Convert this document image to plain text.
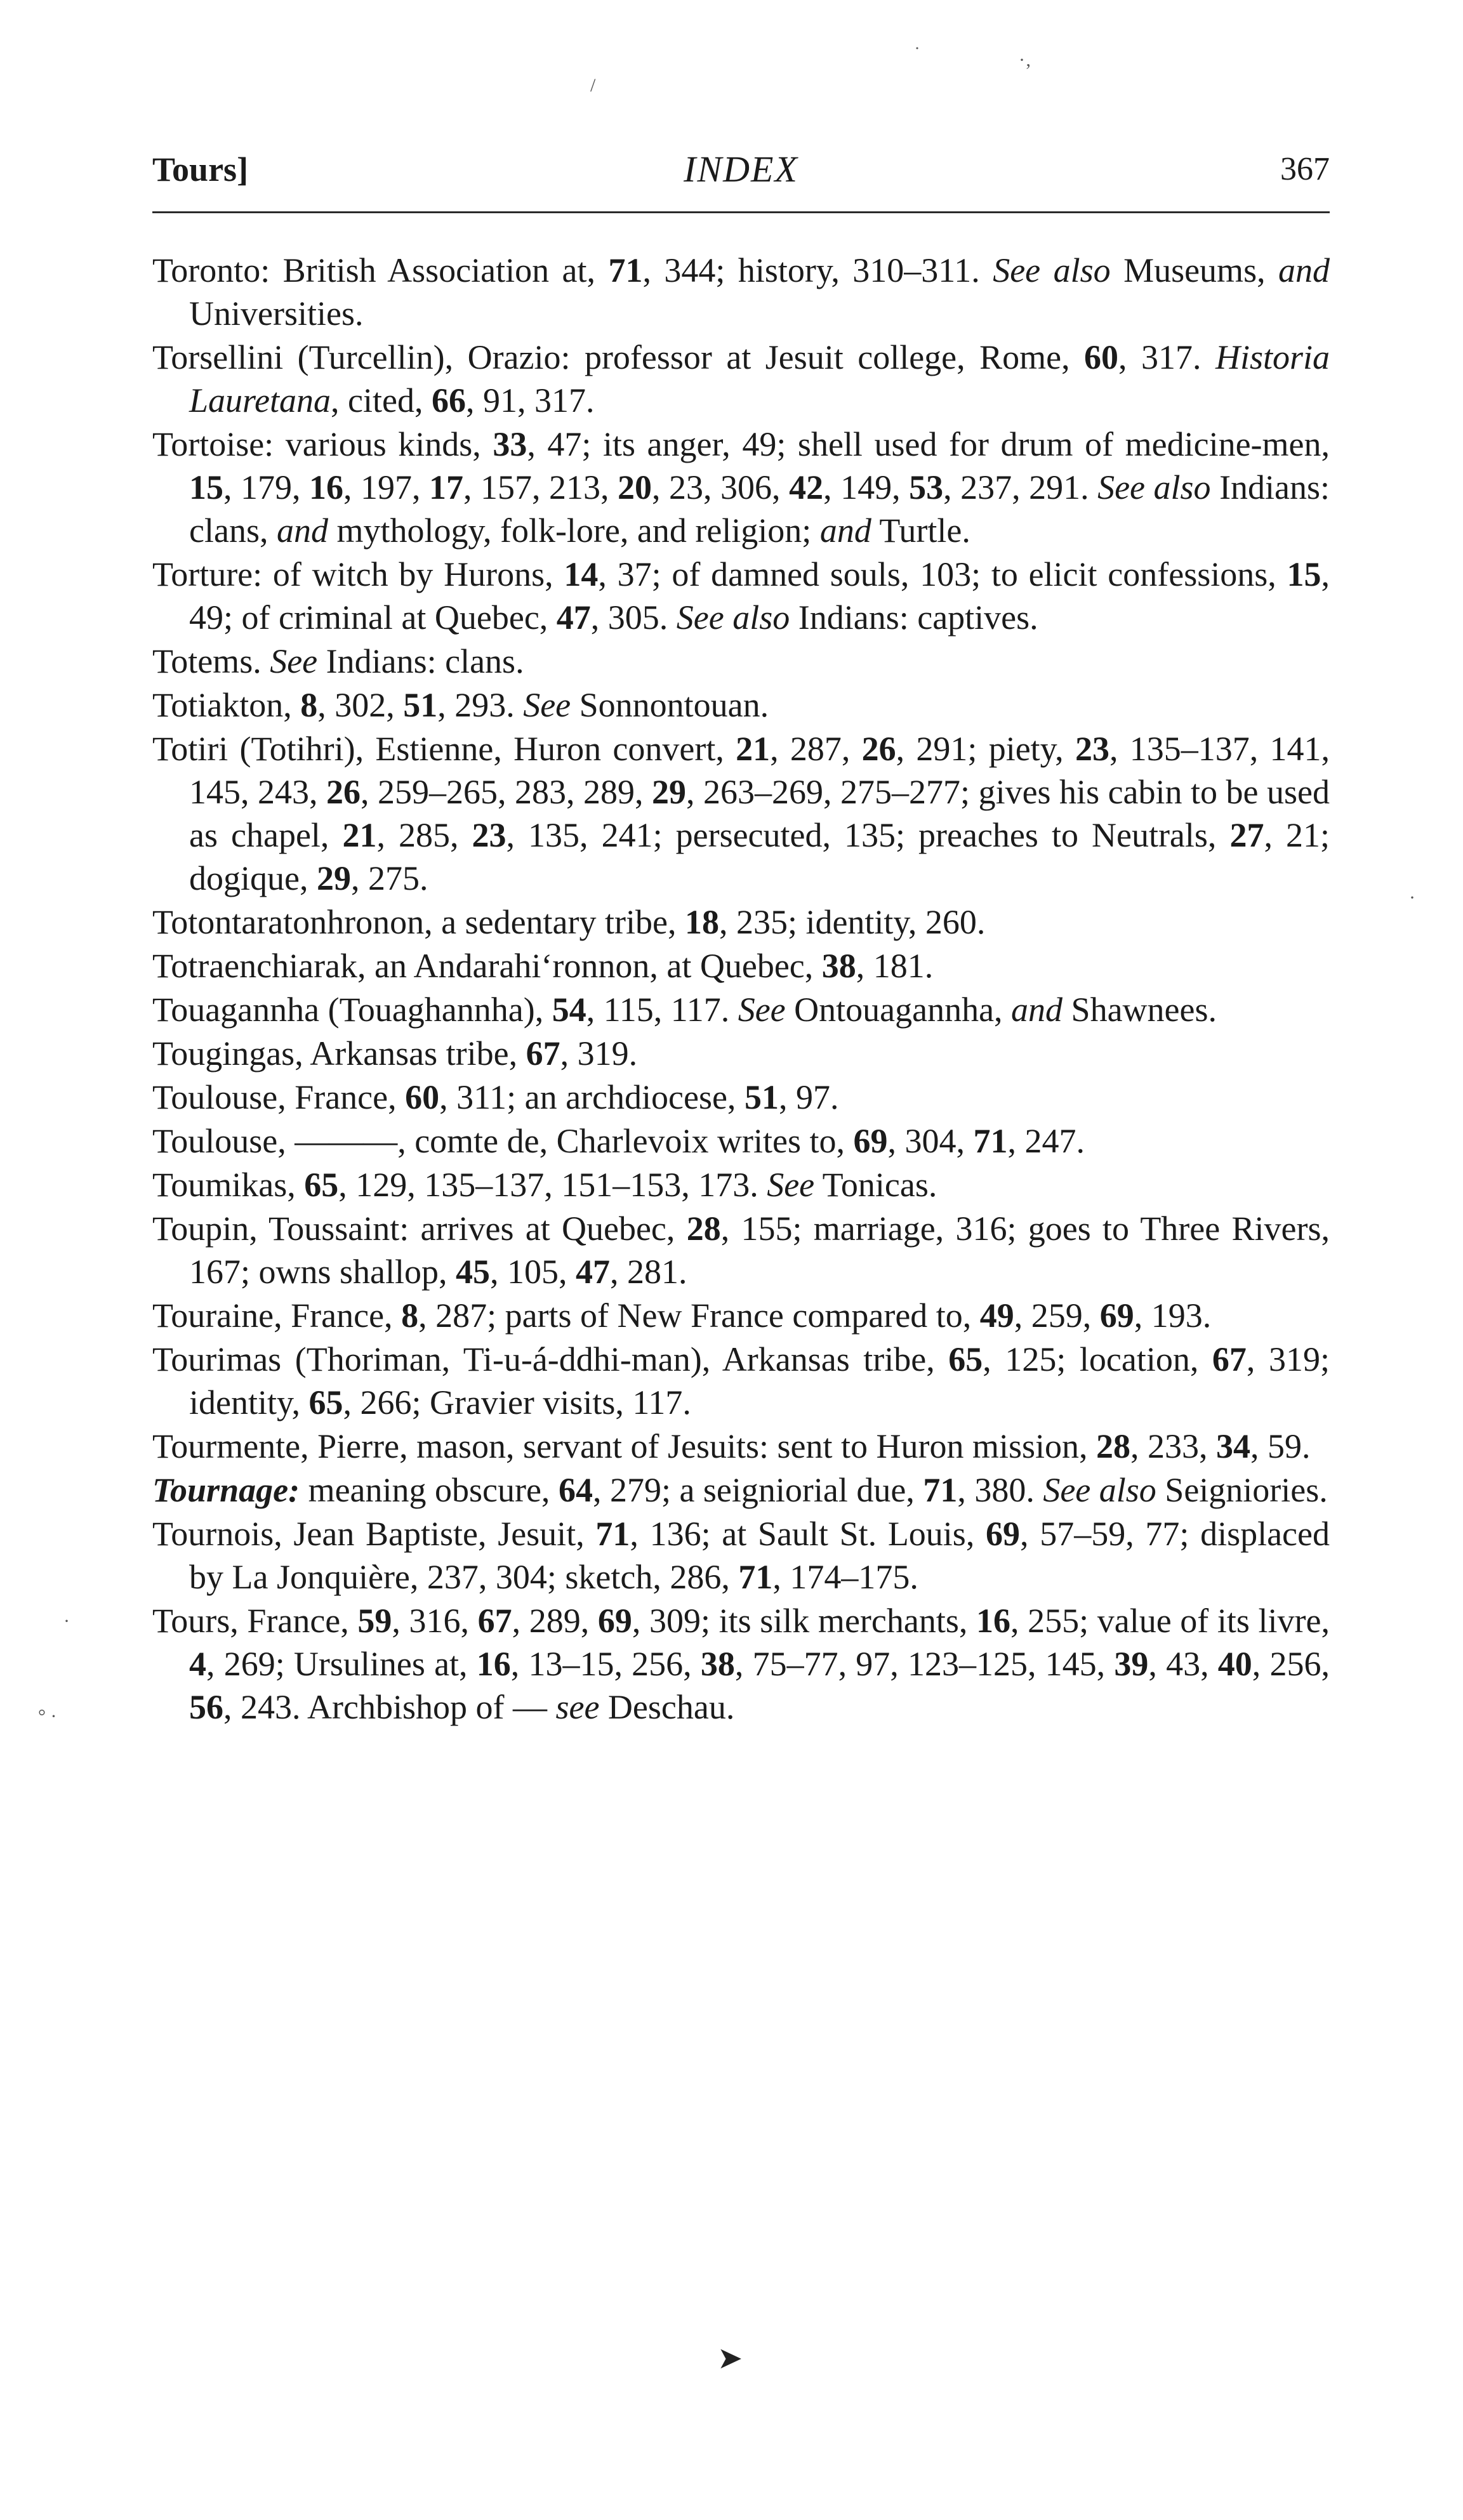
Tours]	INDEX	367

Toronto: British Association at, 71, 344; history, 310–311. See also Museums, and Universities.

Torsellini (Turcellin), Orazio: professor at Jesuit college, Rome, 60, 317. Historia Lauretana, cited, 66, 91, 317.

Tortoise: various kinds, 33, 47; its anger, 49; shell used for drum of medicine-men, 15, 179, 16, 197, 17, 157, 213, 20, 23, 306, 42, 149, 53, 237, 291. See also Indians: clans, and mythology, folk-lore, and religion; and Turtle.

Torture: of witch by Hurons, 14, 37; of damned souls, 103; to elicit confessions, 15, 49; of criminal at Quebec, 47, 305. See also Indians: captives.

Totems. See Indians: clans.

Totiakton, 8, 302, 51, 293. See Sonnontouan.

Totiri (Totihri), Estienne, Huron convert, 21, 287, 26, 291; piety, 23, 135–137, 141, 145, 243, 26, 259–265, 283, 289, 29, 263–269, 275–277; gives his cabin to be used as chapel, 21, 285, 23, 135, 241; persecuted, 135; preaches to Neutrals, 27, 21; dogique, 29, 275.

Totontaratonhronon, a sedentary tribe, 18, 235; identity, 260.

Totraenchiarak, an Andarahi‘ronnon, at Quebec, 38, 181.

Touagannha (Touaghannha), 54, 115, 117. See Ontouagannha, and Shawnees.

Tougingas, Arkansas tribe, 67, 319.

Toulouse, France, 60, 311; an archdiocese, 51, 97.

Toulouse, ———, comte de, Charlevoix writes to, 69, 304, 71, 247.

Toumikas, 65, 129, 135–137, 151–153, 173. See Tonicas.

Toupin, Toussaint: arrives at Quebec, 28, 155; marriage, 316; goes to Three Rivers, 167; owns shallop, 45, 105, 47, 281.

Touraine, France, 8, 287; parts of New France compared to, 49, 259, 69, 193.

Tourimas (Thoriman, Ti-u-á-ddhi-man), Arkansas tribe, 65, 125; location, 67, 319; identity, 65, 266; Gravier visits, 117.

Tourmente, Pierre, mason, servant of Jesuits: sent to Huron mission, 28, 233, 34, 59.

Tournage: meaning obscure, 64, 279; a seigniorial due, 71, 380. See also Seigniories.

Tournois, Jean Baptiste, Jesuit, 71, 136; at Sault St. Louis, 69, 57–59, 77; displaced by La Jonquière, 237, 304; sketch, 286, 71, 174–175.

Tours, France, 59, 316, 67, 289, 69, 309; its silk merchants, 16, 255; value of its livre, 4, 269; Ursulines at, 16, 13–15, 256, 38, 75–77, 97, 123–125, 145, 39, 43, 40, 256, 56, 243. Archbishop of — see Deschau.

➤
˙	·‚
/
·
° ·
·
